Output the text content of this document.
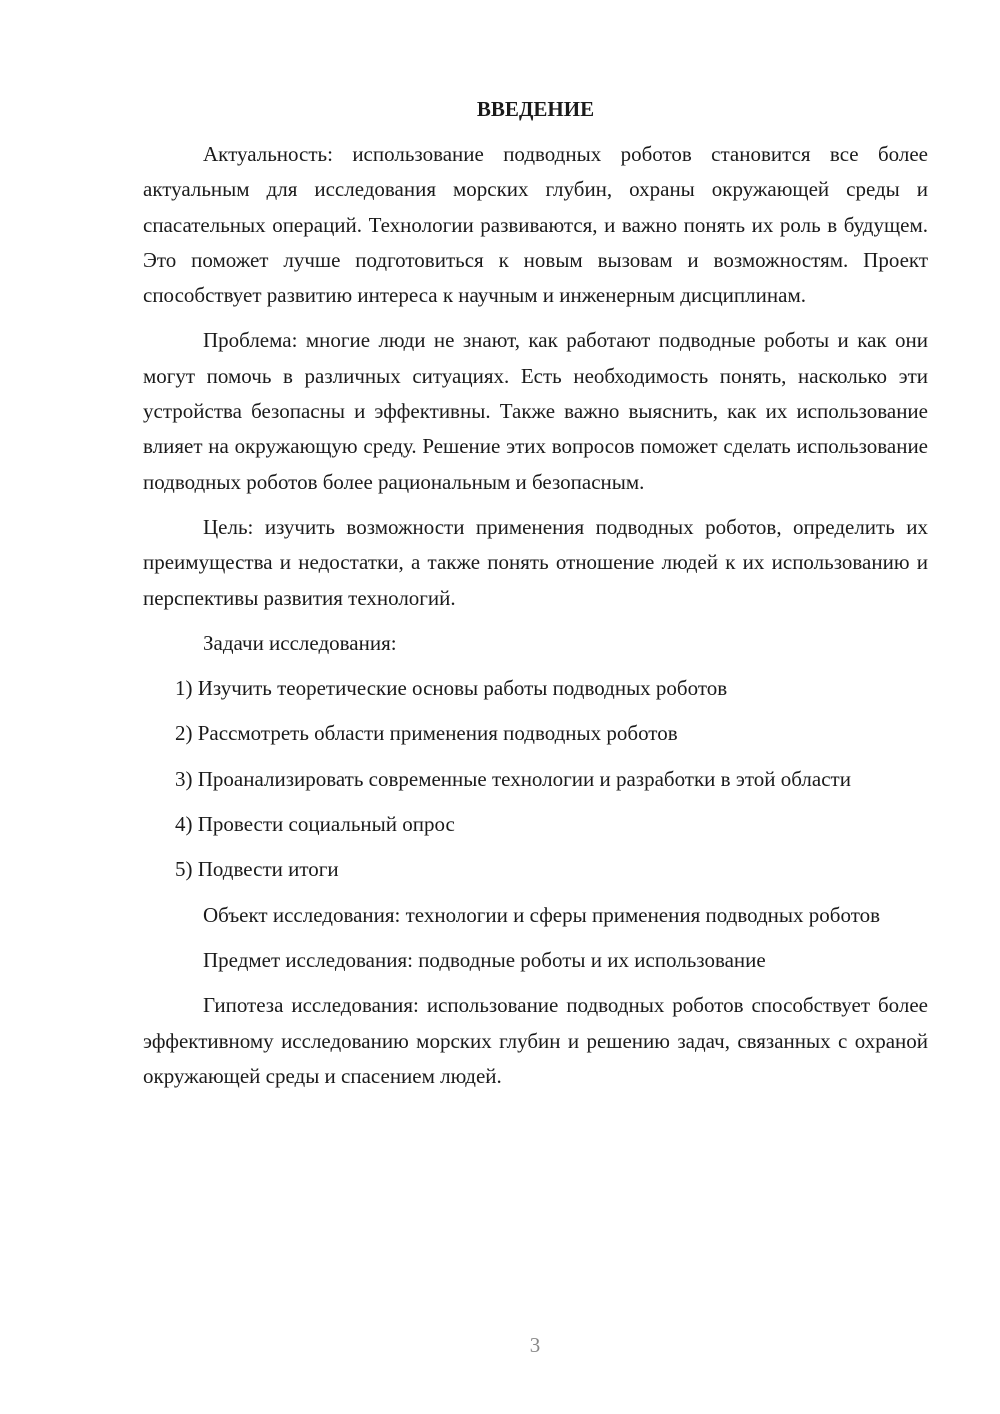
ВВЕДЕНИЕ

Актуальность: использование подводных роботов становится все более актуальным для исследования морских глубин, охраны окружающей среды и спасательных операций. Технологии развиваются, и важно понять их роль в будущем. Это поможет лучше подготовиться к новым вызовам и возможностям. Проект способствует развитию интереса к научным и инженерным дисциплинам.

Проблема: многие люди не знают, как работают подводные роботы и как они могут помочь в различных ситуациях. Есть необходимость понять, насколько эти устройства безопасны и эффективны. Также важно выяснить, как их использование влияет на окружающую среду. Решение этих вопросов поможет сделать использование подводных роботов более рациональным и безопасным.

Цель: изучить возможности применения подводных роботов, определить их преимущества и недостатки, а также понять отношение людей к их использованию и перспективы развития технологий.

Задачи исследования:

1) Изучить теоретические основы работы подводных роботов

2) Рассмотреть области применения подводных роботов

3) Проанализировать современные технологии и разработки в этой области

4) Провести социальный опрос

5) Подвести итоги

Объект исследования: технологии и сферы применения подводных роботов

Предмет исследования: подводные роботы и их использование

Гипотеза исследования: использование подводных роботов способствует более эффективному исследованию морских глубин и решению задач, связанных с охраной окружающей среды и спасением людей.

3
